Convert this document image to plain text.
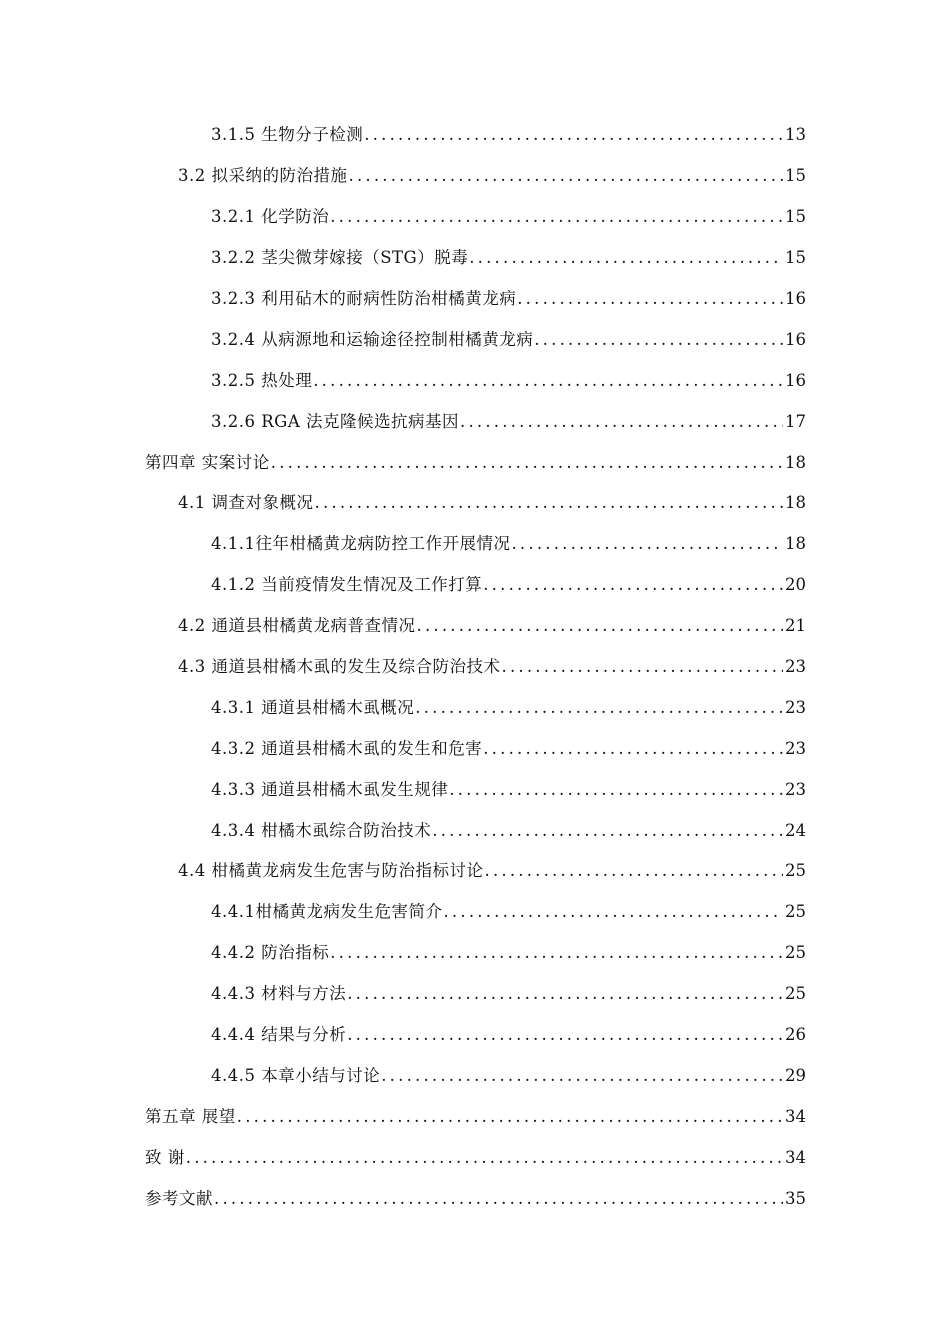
3.1.5 生物分子检测 .....	13
3.2 拟采纳的防治措施 .....	15
3.2.1 化学防治 .....	15
3.2.2 茎尖微芽嫁接（STG）脱毒 .....	15
3.2.3 利用砧木的耐病性防治柑橘黄龙病 .....	16
3.2.4 从病源地和运输途径控制柑橘黄龙病 .....	16
3.2.5 热处理 .....	16
3.2.6 RGA 法克隆候选抗病基因 .....	17
第四章 实案讨论 .....	18
4.1 调查对象概况 .....	18
4.1.1往年柑橘黄龙病防控工作开展情况 .....	18
4.1.2 当前疫情发生情况及工作打算 .....	20
4.2 通道县柑橘黄龙病普查情况 .....	21
4.3 通道县柑橘木虱的发生及综合防治技术 .....	23
4.3.1 通道县柑橘木虱概况 .....	23
4.3.2 通道县柑橘木虱的发生和危害 .....	23
4.3.3 通道县柑橘木虱发生规律 .....	23
4.3.4 柑橘木虱综合防治技术 .....	24
4.4 柑橘黄龙病发生危害与防治指标讨论 .....	25
4.4.1柑橘黄龙病发生危害简介 .....	25
4.4.2 防治指标 .....	25
4.4.3 材料与方法 .....	25
4.4.4 结果与分析 .....	26
4.4.5 本章小结与讨论 .....	29
第五章 展望 .....	34
致 谢 .....	34
参考文献 .....	35
